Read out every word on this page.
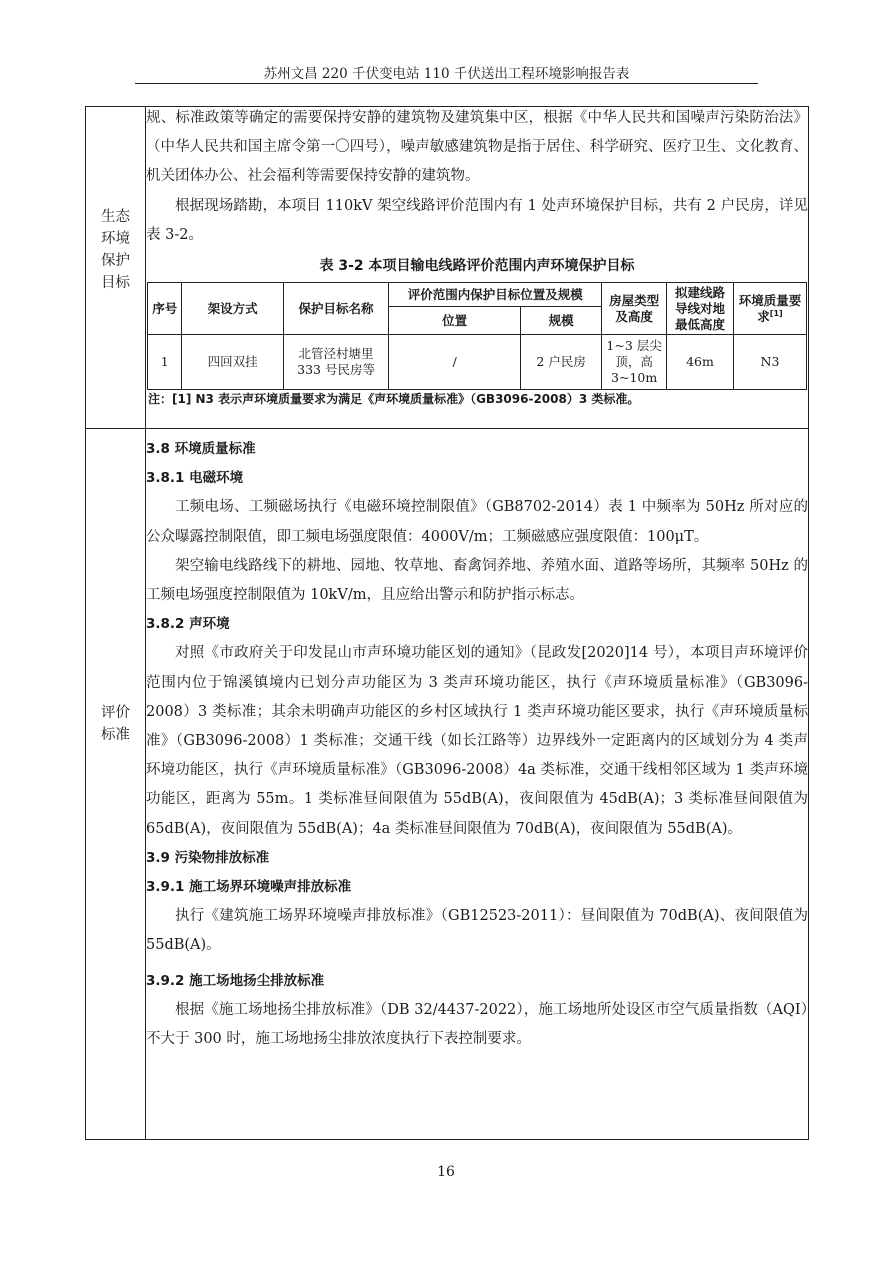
苏州文昌 220 千伏变电站 110 千伏送出工程环境影响报告表
生态
环境
保护
目标

规、标准政策等确定的需要保持安静的建筑物及建筑集中区，根据《中华人民共和国噪声污染防治法》（中华人民共和国主席令第一〇四号），噪声敏感建筑物是指于居住、科学研究、医疗卫生、文化教育、机关团体办公、社会福利等需要保持安静的建筑物。

根据现场踏勘，本项目 110kV 架空线路评价范围内有 1 处声环境保护目标，共有 2 户民房，详见表 3-2。

表 3-2 本项目输电线路评价范围内声环境保护目标
序号	架设方式	保护目标名称	评价范围内保护目标位置及规模		房屋类型及高度	拟建线路导线对地最低高度	环境质量要求[1]
			位置	规模			
1	四回双挂	北管泾村塘里 333 号民房等	/	2 户民房	1~3 层尖顶，高 3~10m	46m	N3
注：[1] N3 表示声环境质量要求为满足《声环境质量标准》（GB3096-2008）3 类标准。
评价
标准

3.8 环境质量标准

3.8.1 电磁环境

工频电场、工频磁场执行《电磁环境控制限值》（GB8702-2014）表 1 中频率为 50Hz 所对应的公众曝露控制限值，即工频电场强度限值：4000V/m；工频磁感应强度限值：100μT。

架空输电线路线下的耕地、园地、牧草地、畜禽饲养地、养殖水面、道路等场所，其频率 50Hz 的工频电场强度控制限值为 10kV/m，且应给出警示和防护指示标志。

3.8.2 声环境

对照《市政府关于印发昆山市声环境功能区划的通知》（昆政发[2020]14 号），本项目声环境评价范围内位于锦溪镇境内已划分声功能区为 3 类声环境功能区，执行《声环境质量标准》（GB3096-2008）3 类标准；其余未明确声功能区的乡村区域执行 1 类声环境功能区要求，执行《声环境质量标准》（GB3096-2008）1 类标准；交通干线（如长江路等）边界线外一定距离内的区域划分为 4 类声环境功能区，执行《声环境质量标准》（GB3096-2008）4a 类标准，交通干线相邻区域为 1 类声环境功能区，距离为 55m。1 类标准昼间限值为 55dB(A)，夜间限值为 45dB(A)；3 类标准昼间限值为 65dB(A)，夜间限值为 55dB(A)；4a 类标准昼间限值为 70dB(A)，夜间限值为 55dB(A)。

3.9 污染物排放标准

3.9.1 施工场界环境噪声排放标准

执行《建筑施工场界环境噪声排放标准》（GB12523-2011）：昼间限值为 70dB(A)、夜间限值为 55dB(A)。

3.9.2 施工场地扬尘排放标准

根据《施工场地扬尘排放标准》（DB 32/4437-2022），施工场地所处设区市空气质量指数（AQI）不大于 300 时，施工场地扬尘排放浓度执行下表控制要求。

16
